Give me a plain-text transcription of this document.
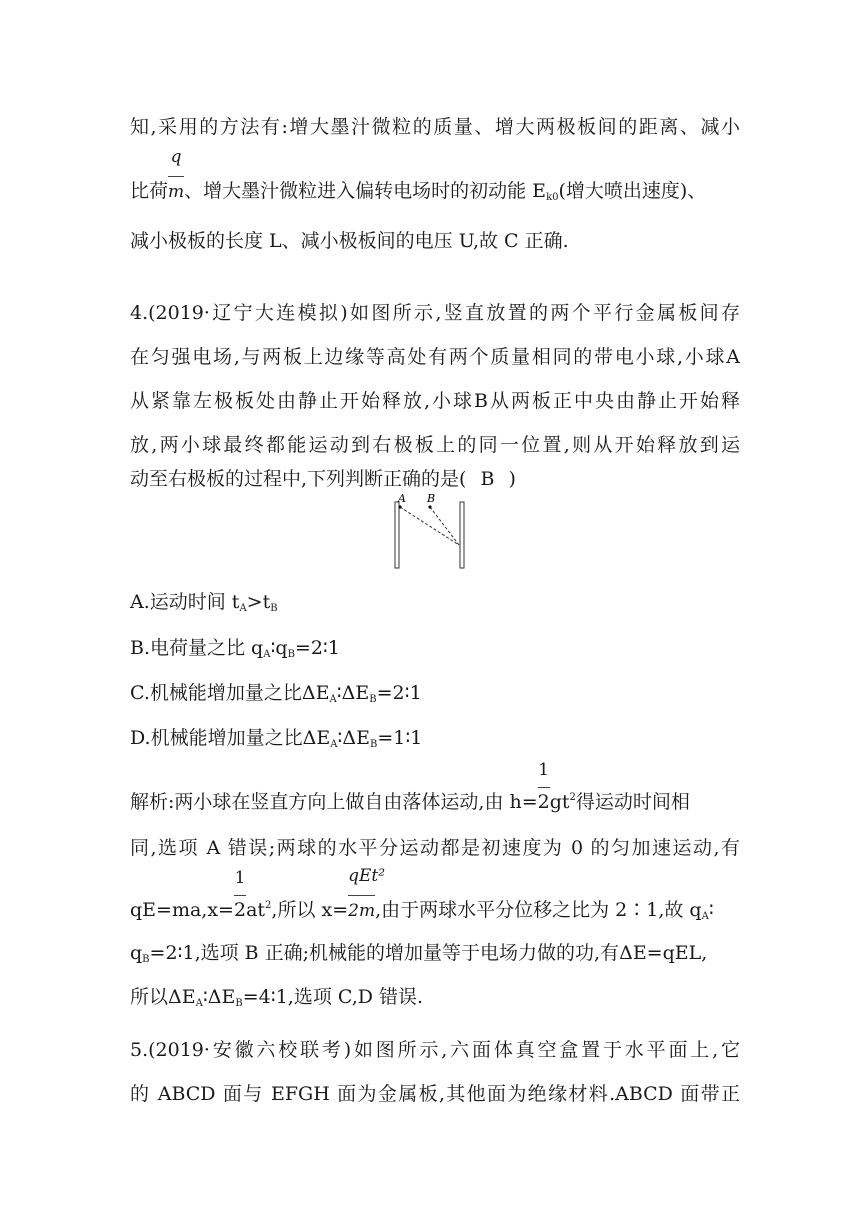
知,采用的方法有:增大墨汁微粒的质量、增大两极板间的距离、减小
比荷 $\frac{q}{m}$、增大墨汁微粒进入偏转电场时的初动能 $E_{k0}$(增大喷出速度)、
减小极板的长度 L、减小极板间的电压 U,故 C 正确.
4.(2019·辽宁大连模拟)如图所示,竖直放置的两个平行金属板间存
在匀强电场,与两板上边缘等高处有两个质量相同的带电小球,小球A
从紧靠左极板处由静止开始释放,小球B从两板正中央由静止开始释
放,两小球最终都能运动到右极板上的同一位置,则从开始释放到运
动至右极板的过程中,下列判断正确的是( B )
A B
A.运动时间 $t_A>t_B$
B.电荷量之比 $q_A∶q_B=2∶1$
C.机械能增加量之比$\Delta E_A∶\Delta E_B=2∶1$
D.机械能增加量之比$\Delta E_A∶\Delta E_B=1∶1$
解析:两小球在竖直方向上做自由落体运动,由 $h= \frac{1}{2}gt^2$得运动时间相
同,选项 A 错误;两球的水平分运动都是初速度为 0 的匀加速运动,有
$qE=ma,x= \frac{1}{2}at^2$,所以 $x= \frac{\text{qEt²}}{2m}$,由于两球水平分位移之比为 2∶1,故 $q_A∶$
$q_B=2∶1$,选项 B 正确;机械能的增加量等于电场力做的功,有ΔE=qEL,
所以$\Delta E_A∶\Delta E_B=4∶1$,选项 C,D 错误.
5.(2019·安徽六校联考)如图所示,六面体真空盒置于水平面上,它
的 ABCD 面与 EFGH 面为金属板,其他面为绝缘材料.ABCD 面带正
